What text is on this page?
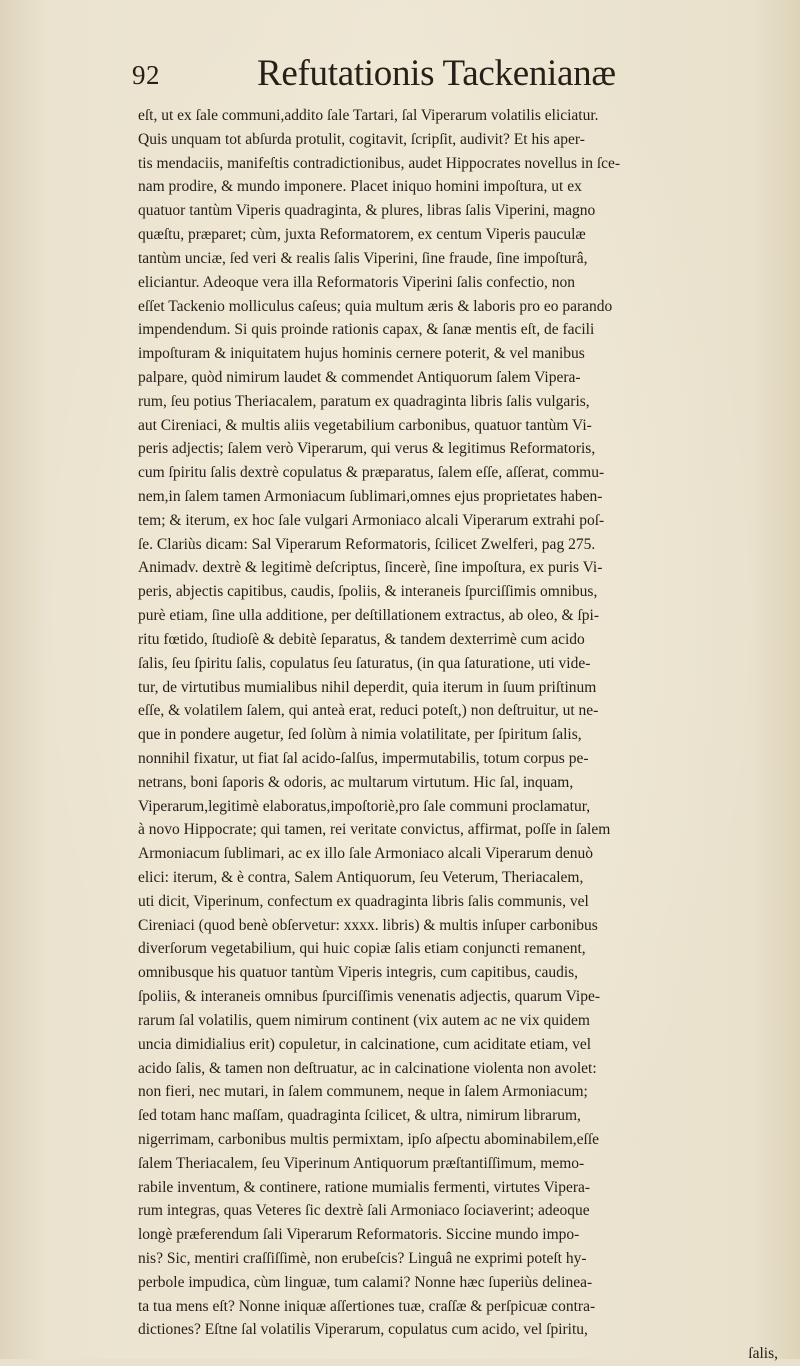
92	Refutationis Tackenianæ
eſt, ut ex ſale communi,addito ſale Tartari, ſal Viperarum volatilis eliciatur.
Quis unquam tot abſurda protulit, cogitavit, ſcripſit, audivit? Et his aper-
tis mendaciis, manifeſtis contradictionibus, audet Hippocrates novellus in ſce-
nam prodire, & mundo imponere. Placet iniquo homini impoſtura, ut ex
quatuor tantùm Viperis quadraginta, & plures, libras ſalis Viperini, magno
quæſtu, præparet; cùm, juxta Reformatorem, ex centum Viperis pauculæ
tantùm unciæ, ſed veri & realis ſalis Viperini, ſine fraude, ſine impoſturâ,
eliciantur. Adeoque vera illa Reformatoris Viperini ſalis confectio, non
eſſet Tackenio molliculus caſeus; quia multum æris & laboris pro eo parando
impendendum. Si quis proinde rationis capax, & ſanæ mentis eſt, de facili
impoſturam & iniquitatem hujus hominis cernere poterit, & vel manibus
palpare, quòd nimirum laudet & commendet Antiquorum ſalem Vipera-
rum, ſeu potius Theriacalem, paratum ex quadraginta libris ſalis vulgaris,
aut Cireniaci, & multis aliis vegetabilium carbonibus, quatuor tantùm Vi-
peris adjectis; ſalem verò Viperarum, qui verus & legitimus Reformatoris,
cum ſpiritu ſalis dextrè copulatus & præparatus, ſalem eſſe, aſſerat, commu-
nem,in ſalem tamen Armoniacum ſublimari,omnes ejus proprietates haben-
tem; & iterum, ex hoc ſale vulgari Armoniaco alcali Viperarum extrahi poſ-
ſe. Clariùs dicam: Sal Viperarum Reformatoris, ſcilicet Zwelferi, pag 275.
Animadv. dextrè & legitimè deſcriptus, ſincerè, ſine impoſtura, ex puris Vi-
peris, abjectis capitibus, caudis, ſpoliis, & interaneis ſpurciſſimis omnibus,
purè etiam, ſine ulla additione, per deſtillationem extractus, ab oleo, & ſpi-
ritu fœtido, ſtudioſè & debitè ſeparatus, & tandem dexterrimè cum acido
ſalis, ſeu ſpiritu ſalis, copulatus ſeu ſaturatus, (in qua ſaturatione, uti vide-
tur, de virtutibus mumialibus nihil deperdit, quia iterum in ſuum priſtinum
eſſe, & volatilem ſalem, qui anteà erat, reduci poteſt,) non deſtruitur, ut ne-
que in pondere augetur, ſed ſolùm à nimia volatilitate, per ſpiritum ſalis,
nonnihil fixatur, ut fiat ſal acido-ſalſus, impermutabilis, totum corpus pe-
netrans, boni ſaporis & odoris, ac multarum virtutum. Hic ſal, inquam,
Viperarum,legitimè elaboratus,impoſtoriè,pro ſale communi proclamatur,
à novo Hippocrate; qui tamen, rei veritate convictus, affirmat, poſſe in ſalem
Armoniacum ſublimari, ac ex illo ſale Armoniaco alcali Viperarum denuò
elici: iterum, & è contra, Salem Antiquorum, ſeu Veterum, Theriacalem,
uti dicit, Viperinum, confectum ex quadraginta libris ſalis communis, vel
Cireniaci (quod benè obſervetur: xxxx. libris) & multis inſuper carbonibus
diverſorum vegetabilium, qui huic copiæ ſalis etiam conjuncti remanent,
omnibusque his quatuor tantùm Viperis integris, cum capitibus, caudis,
ſpoliis, & interaneis omnibus ſpurciſſimis venenatis adjectis, quarum Vipe-
rarum ſal volatilis, quem nimirum continent (vix autem ac ne vix quidem
uncia dimidialius erit) copuletur, in calcinatione, cum aciditate etiam, vel
acido ſalis, & tamen non deſtruatur, ac in calcinatione violenta non avolet:
non fieri, nec mutari, in ſalem communem, neque in ſalem Armoniacum;
ſed totam hanc maſſam, quadraginta ſcilicet, & ultra, nimirum librarum,
nigerrimam, carbonibus multis permixtam, ipſo aſpectu abominabilem,eſſe
ſalem Theriacalem, ſeu Viperinum Antiquorum præſtantiſſimum, memo-
rabile inventum, & continere, ratione mumialis fermenti, virtutes Vipera-
rum integras, quas Veteres ſic dextrè ſali Armoniaco ſociaverint; adeoque
longè præferendum ſali Viperarum Reformatoris. Siccine mundo impo-
nis? Sic, mentiri craſſiſſimè, non erubeſcis? Linguâ ne exprimi poteſt hy-
perbole impudica, cùm linguæ, tum calami? Nonne hæc ſuperiùs delinea-
ta tua mens eſt? Nonne iniquæ aſſertiones tuæ, craſſæ & perſpicuæ contra-
dictiones? Eſtne ſal volatilis Viperarum, copulatus cum acido, vel ſpiritu,
ſalis,
